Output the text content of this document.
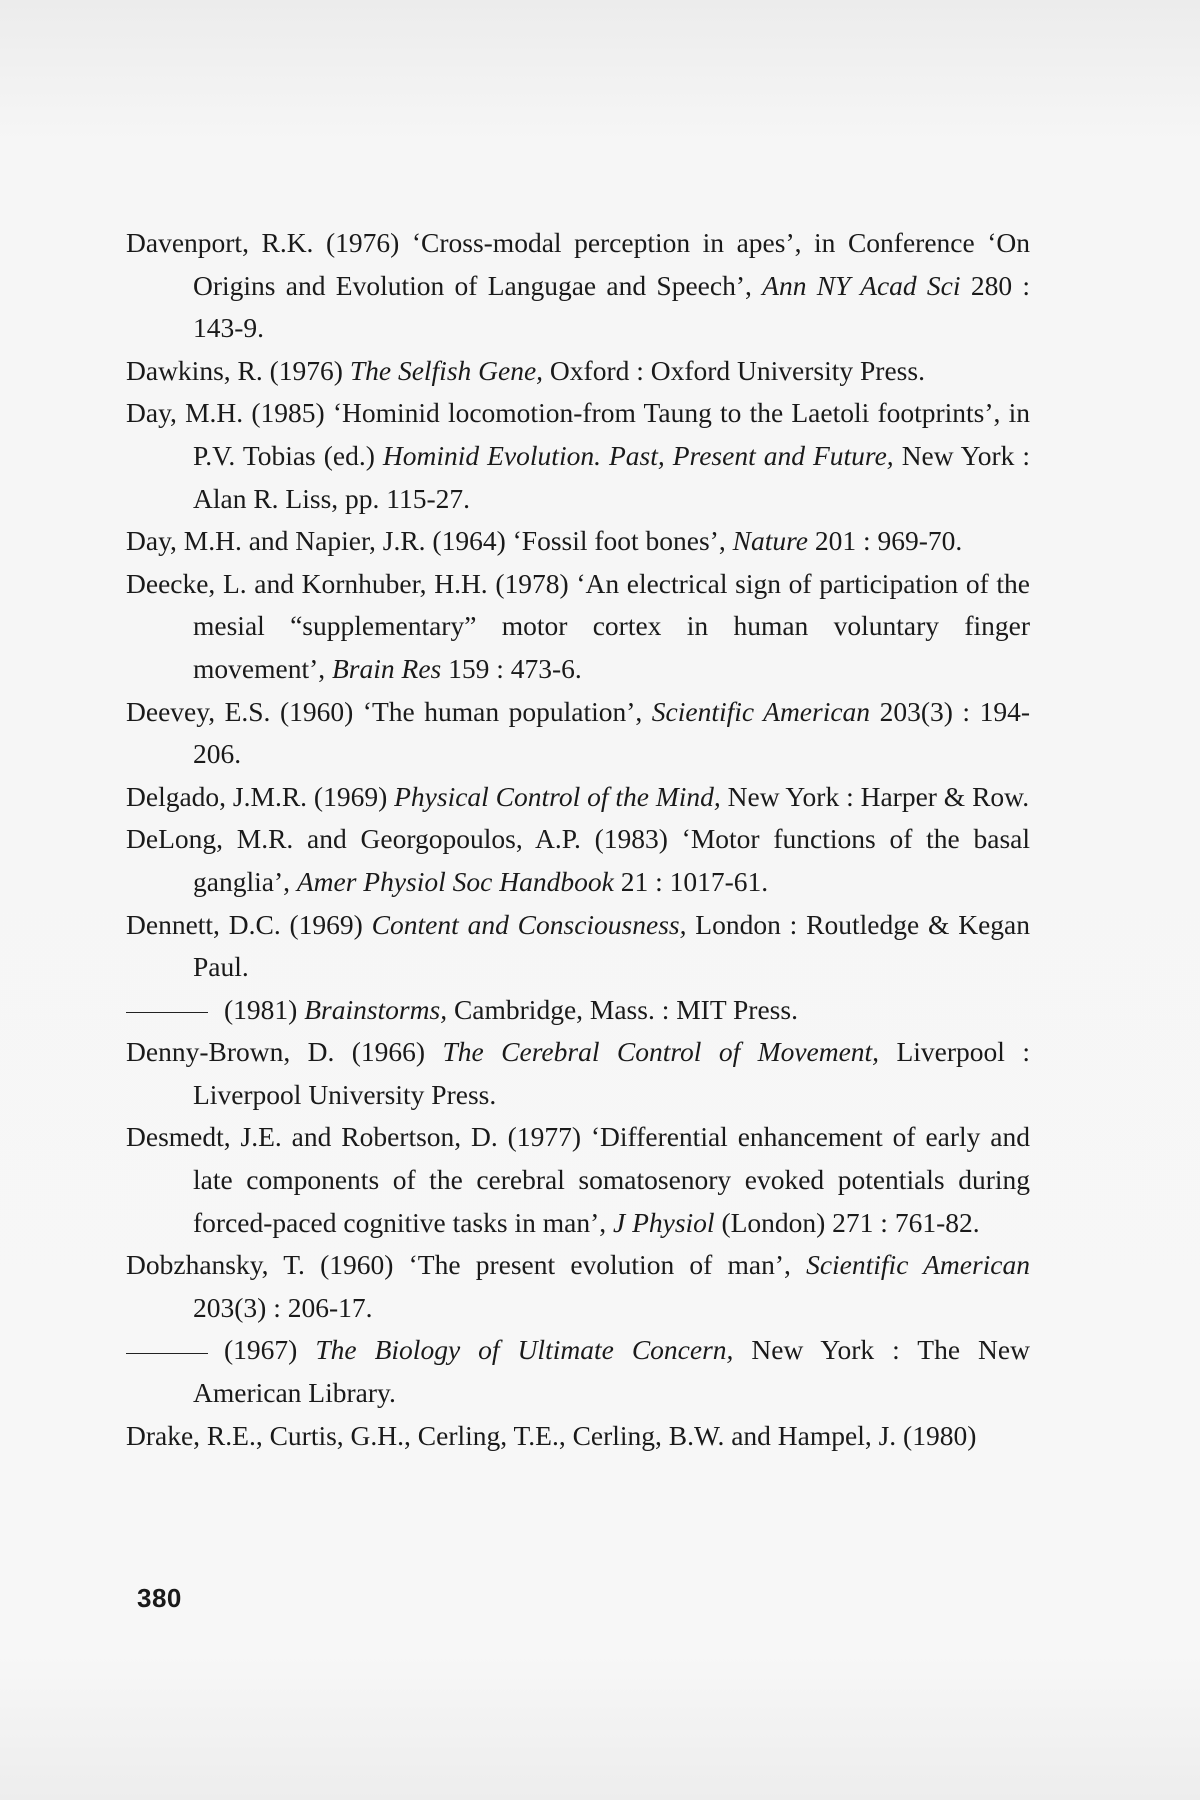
Davenport, R.K. (1976) ‘Cross-modal perception in apes’, in Conference ‘On Origins and Evolution of Langugae and Speech’, Ann NY Acad Sci 280 : 143-9.

Dawkins, R. (1976) The Selfish Gene, Oxford : Oxford University Press.

Day, M.H. (1985) ‘Hominid locomotion-from Taung to the Laetoli footprints’, in P.V. Tobias (ed.) Hominid Evolution. Past, Present and Future, New York : Alan R. Liss, pp. 115-27.

Day, M.H. and Napier, J.R. (1964) ‘Fossil foot bones’, Nature 201 : 969-70.

Deecke, L. and Kornhuber, H.H. (1978) ‘An electrical sign of participation of the mesial “supplementary” motor cortex in human voluntary finger movement’, Brain Res 159 : 473-6.

Deevey, E.S. (1960) ‘The human population’, Scientific American 203(3) : 194-206.

Delgado, J.M.R. (1969) Physical Control of the Mind, New York : Harper & Row.

DeLong, M.R. and Georgopoulos, A.P. (1983) ‘Motor functions of the basal ganglia’, Amer Physiol Soc Handbook 21 : 1017-61.

Dennett, D.C. (1969) Content and Consciousness, London : Routledge & Kegan Paul.

(1981) Brainstorms, Cambridge, Mass. : MIT Press.

Denny-Brown, D. (1966) The Cerebral Control of Movement, Liverpool : Liverpool University Press.

Desmedt, J.E. and Robertson, D. (1977) ‘Differential enhancement of early and late components of the cerebral somatosenory evoked potentials during forced-paced cognitive tasks in man’, J Physiol (London) 271 : 761-82.

Dobzhansky, T. (1960) ‘The present evolution of man’, Scientific American 203(3) : 206-17.

(1967) The Biology of Ultimate Concern, New York : The New American Library.

Drake, R.E., Curtis, G.H., Cerling, T.E., Cerling, B.W. and Hampel, J. (1980)

380
